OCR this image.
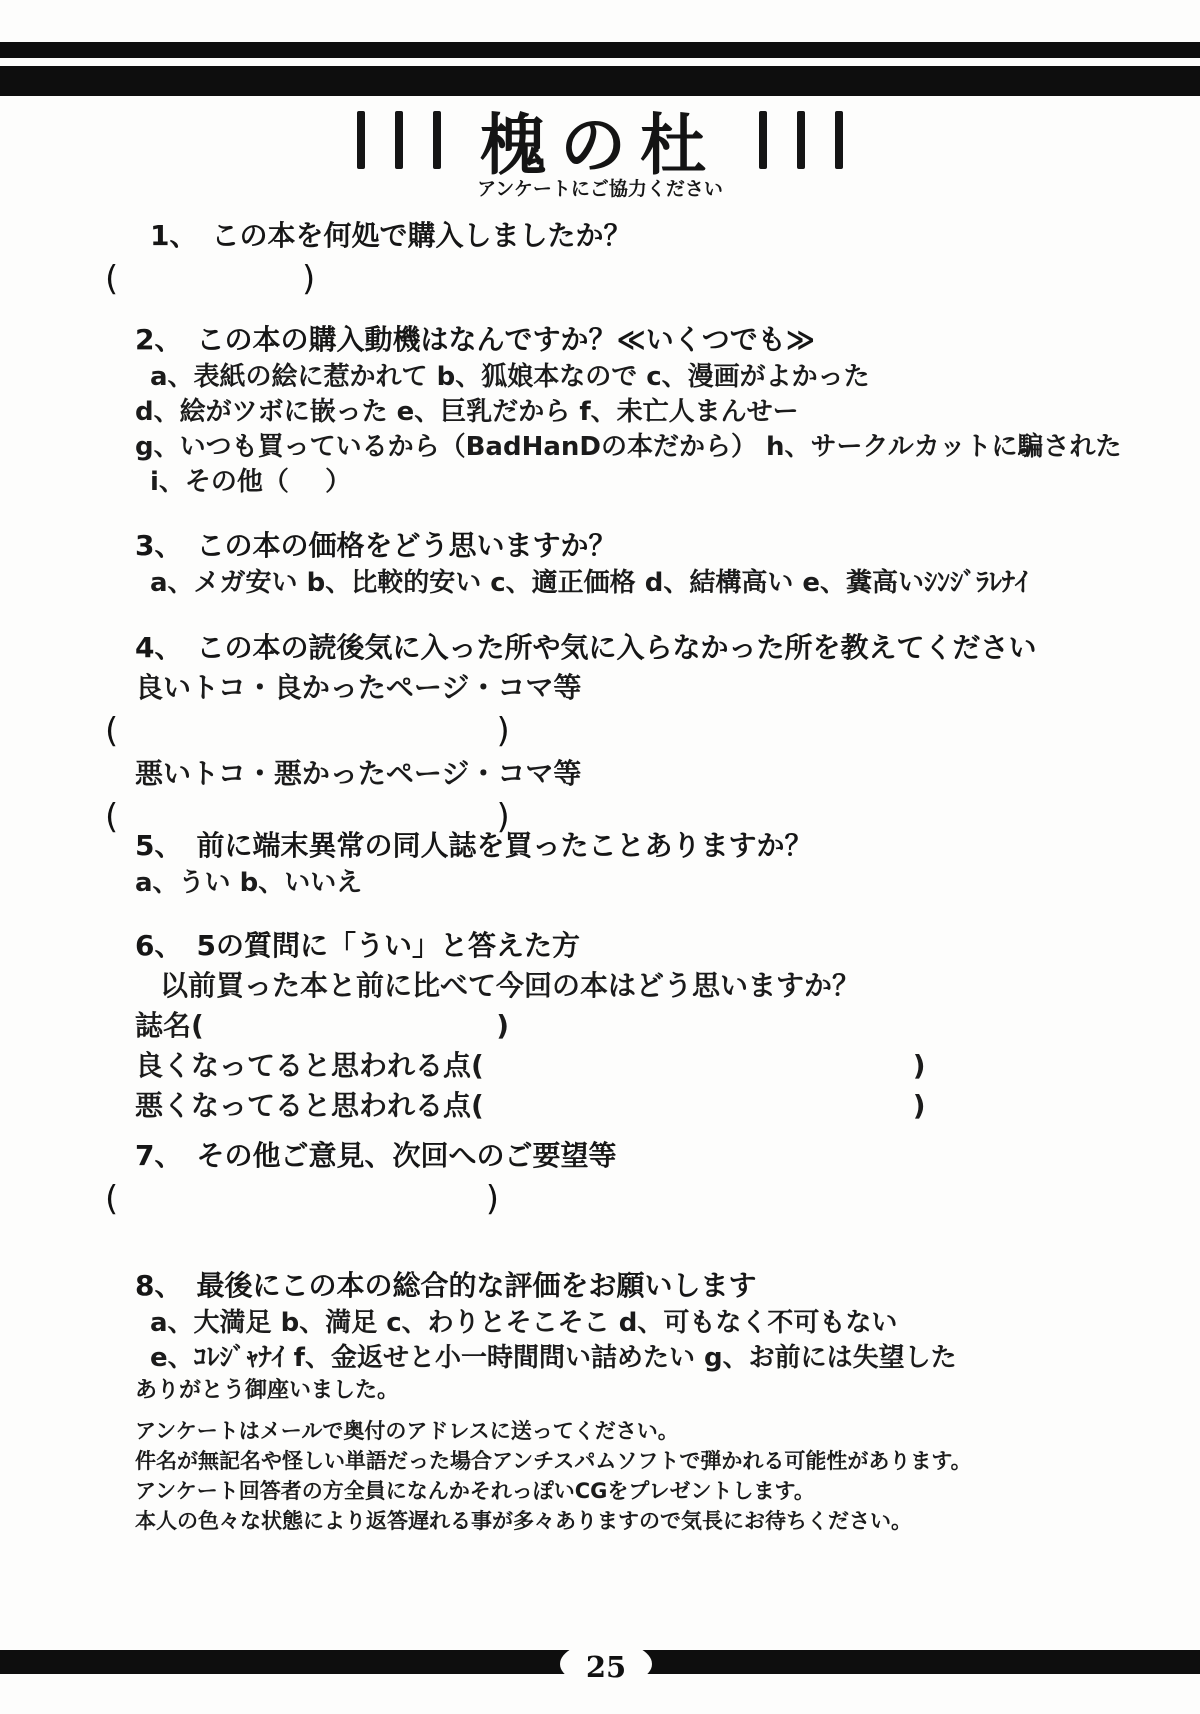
槐の杜
アンケートにご協力ください
1、 この本を何処で購入しましたか？
(                 )
2、 この本の購入動機はなんですか？≪いくつでも≫
a、表紙の絵に惹かれて b、狐娘本なので c、漫画がよかった
d、絵がツボに嵌った e、巨乳だから f、未亡人まんせー
g、いつも買っているから（BadHanDの本だから） h、サークルカットに騙された
i、その他（    ）
3、 この本の価格をどう思いますか？
a、メガ安い b、比較的安い c、適正価格 d、結構高い e、糞高いｼﾝｼﾞﾗﾚﾅｲ
4、 この本の読後気に入った所や気に入らなかった所を教えてください
良いトコ・良かったページ・コマ等
(                                   )
悪いトコ・悪かったページ・コマ等
(                                   )
5、 前に端末異常の同人誌を買ったことありますか？
a、うい b、いいえ
6、 5の質問に「うい」と答えた方
以前買った本と前に比べて今回の本はどう思いますか？
誌名(                              )
良くなってると思われる点(                                            )
悪くなってると思われる点(                                            )
7、 その他ご意見、次回へのご要望等
(                                  )
8、 最後にこの本の総合的な評価をお願いします
a、大満足 b、満足 c、わりとそこそこ d、可もなく不可もない
e、ｺﾚｼﾞｬﾅｲ f、金返せと小一時間問い詰めたい g、お前には失望した
ありがとう御座いました。
アンケートはメールで奥付のアドレスに送ってください。
件名が無記名や怪しい単語だった場合アンチスパムソフトで弾かれる可能性があります。
アンケート回答者の方全員になんかそれっぽいCGをプレゼントします。
本人の色々な状態により返答遅れる事が多々ありますので気長にお待ちください。
25
